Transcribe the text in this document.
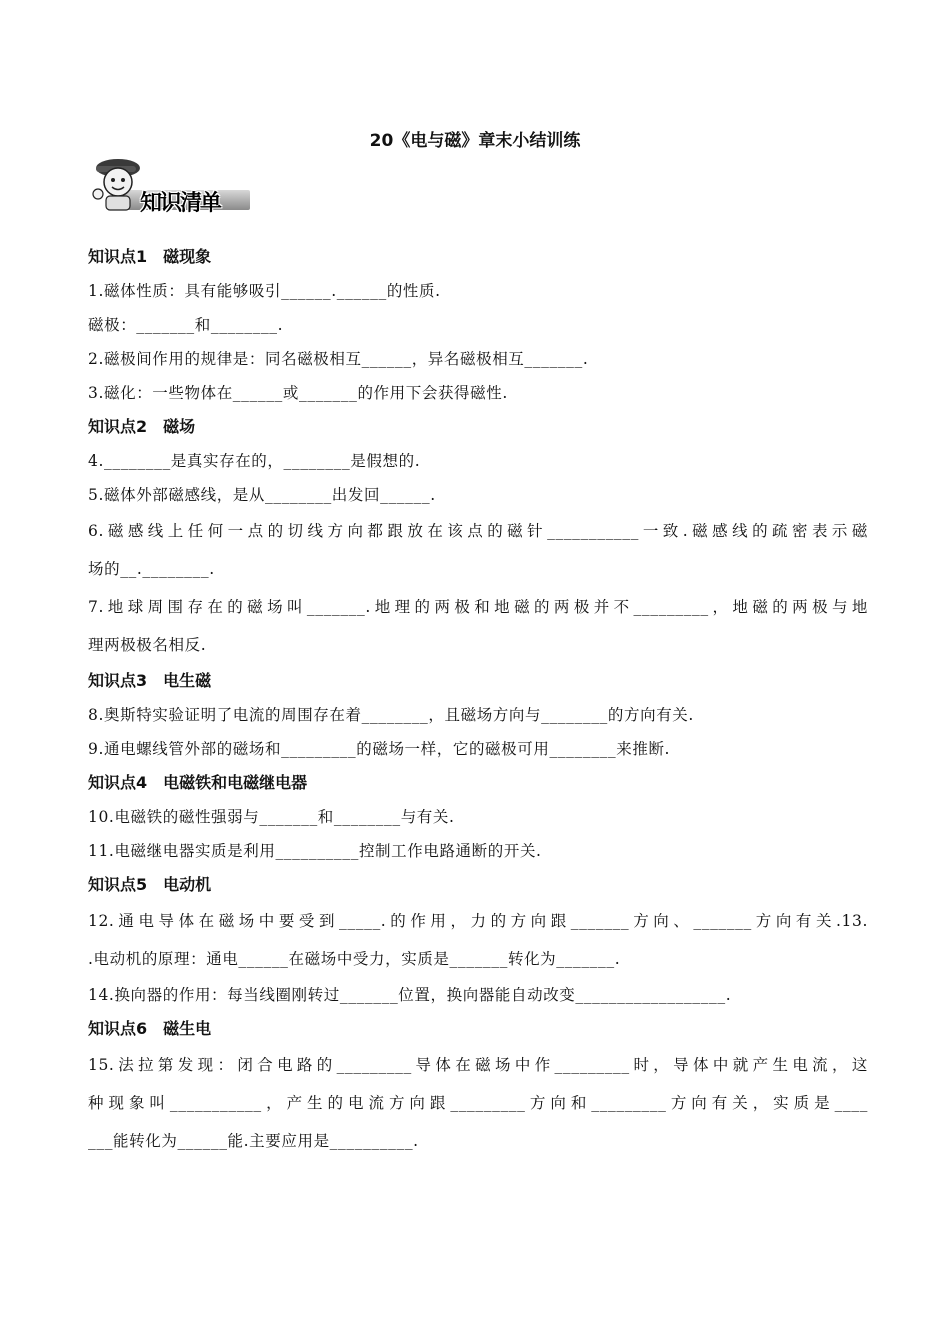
20《电与磁》章末小结训练
知识清单
知识点1　磁现象
1.磁体性质：具有能够吸引______.______的性质.
磁极：_______和________.
2.磁极间作用的规律是：同名磁极相互______，异名磁极相互_______.
3.磁化：一些物体在______或_______的作用下会获得磁性.
知识点2　磁场
4.________是真实存在的，________是假想的.
5.磁体外部磁感线，是从________出发回______.
6.磁感线上任何一点的切线方向都跟放在该点的磁针___________一致.磁感线的疏密表示磁
场的__.________.
7.地球周围存在的磁场叫_______.地理的两极和地磁的两极并不_________，地磁的两极与地
理两极极名相反.
知识点3　电生磁
8.奥斯特实验证明了电流的周围存在着________，且磁场方向与________的方向有关.
9.通电螺线管外部的磁场和_________的磁场一样，它的磁极可用________来推断.
知识点4　电磁铁和电磁继电器
10.电磁铁的磁性强弱与_______和________与有关.
11.电磁继电器实质是利用__________控制工作电路通断的开关.
知识点5　电动机
12.通电导体在磁场中要受到_____.的作用，力的方向跟_______方向、_______方向有关.13.
.电动机的原理：通电______在磁场中受力，实质是_______转化为_______.
14.换向器的作用：每当线圈刚转过_______位置，换向器能自动改变__________________.
知识点6　磁生电
15.法拉第发现：闭合电路的_________导体在磁场中作_________时，导体中就产生电流，这
种现象叫___________，产生的电流方向跟_________方向和_________方向有关，实质是____
___能转化为______能.主要应用是__________.
